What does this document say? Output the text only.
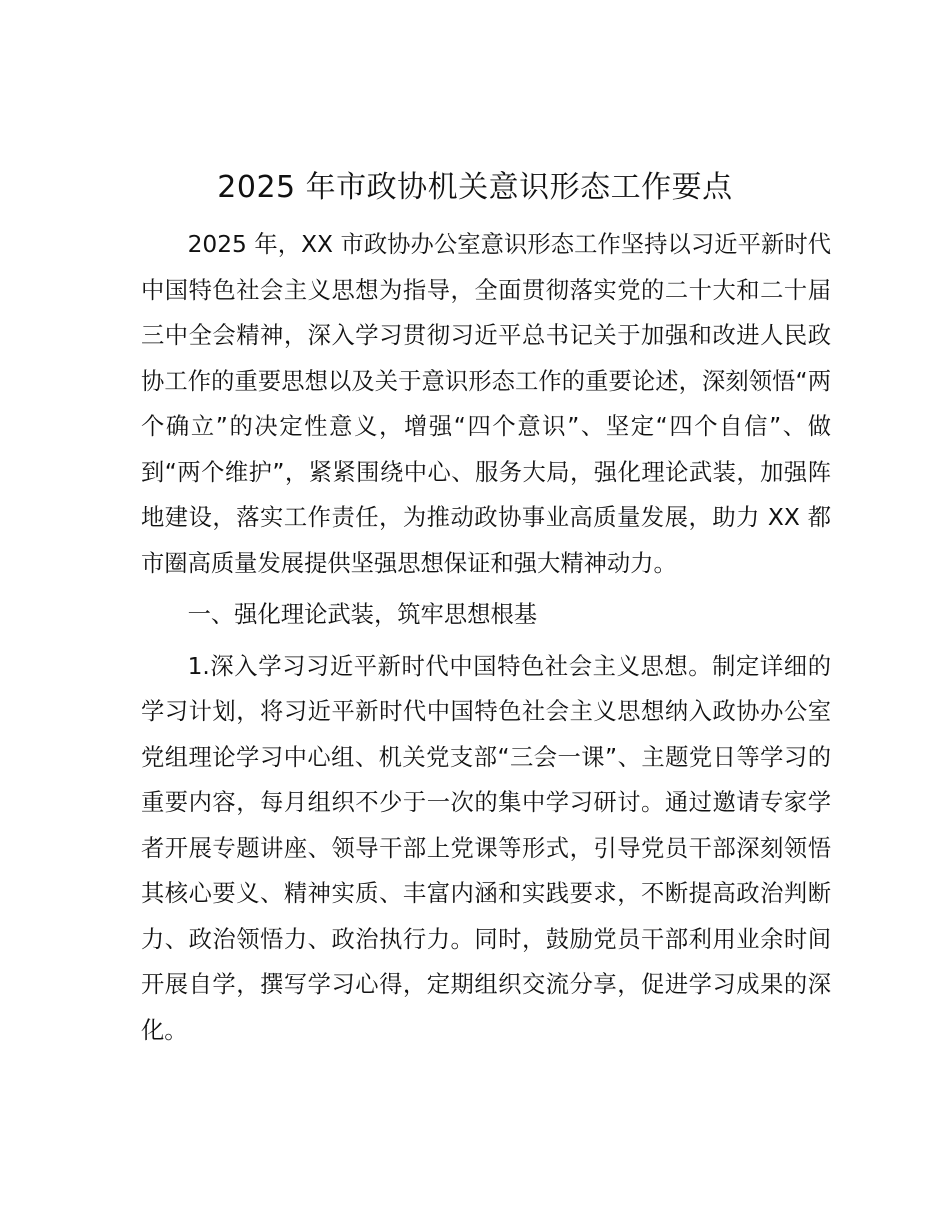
2025 年市政协机关意识形态工作要点

2025 年，XX 市政协办公室意识形态工作坚持以习近平新时代中国特色社会主义思想为指导，全面贯彻落实党的二十大和二十届三中全会精神，深入学习贯彻习近平总书记关于加强和改进人民政协工作的重要思想以及关于意识形态工作的重要论述，深刻领悟“两个确立”的决定性意义，增强“四个意识”、坚定“四个自信”、做到“两个维护”，紧紧围绕中心、服务大局，强化理论武装，加强阵地建设，落实工作责任，为推动政协事业高质量发展，助力 XX 都市圈高质量发展提供坚强思想保证和强大精神动力。

一、强化理论武装，筑牢思想根基

1.深入学习习近平新时代中国特色社会主义思想。制定详细的学习计划，将习近平新时代中国特色社会主义思想纳入政协办公室党组理论学习中心组、机关党支部“三会一课”、主题党日等学习的重要内容，每月组织不少于一次的集中学习研讨。通过邀请专家学者开展专题讲座、领导干部上党课等形式，引导党员干部深刻领悟其核心要义、精神实质、丰富内涵和实践要求，不断提高政治判断力、政治领悟力、政治执行力。同时，鼓励党员干部利用业余时间开展自学，撰写学习心得，定期组织交流分享，促进学习成果的深化。
